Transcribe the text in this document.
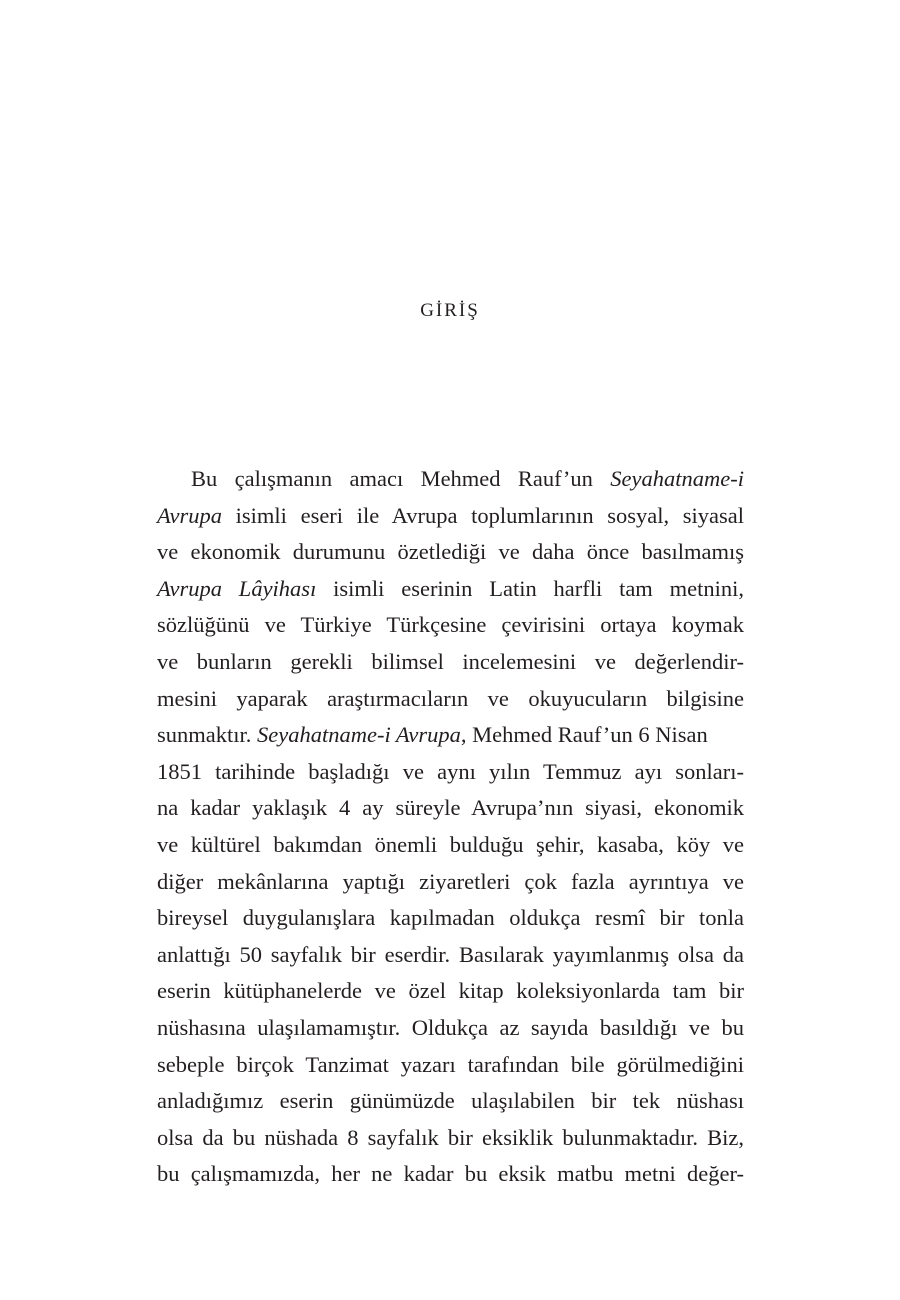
gi̇ri̇ş
Bu çalışmanın amacı Mehmed Rauf’un Seyahatname-i
Avrupa isimli eseri ile Avrupa toplumlarının sosyal, siyasal
ve ekonomik durumunu özetlediği ve daha önce basılmamış
Avrupa Lâyihası isimli eserinin Latin harfli tam metnini,
sözlüğünü ve Türkiye Türkçesine çevirisini ortaya koymak
ve bunların gerekli bilimsel incelemesini ve değerlendir-
mesini yaparak araştırmacıların ve okuyucuların bilgisine
sunmaktır. Seyahatname-i Avrupa, Mehmed Rauf’un 6 Nisan
1851 tarihinde başladığı ve aynı yılın Temmuz ayı sonları-
na kadar yaklaşık 4 ay süreyle Avrupa’nın siyasi, ekonomik
ve kültürel bakımdan önemli bulduğu şehir, kasaba, köy ve
diğer mekânlarına yaptığı ziyaretleri çok fazla ayrıntıya ve
bireysel duygulanışlara kapılmadan oldukça resmî bir tonla
anlattığı 50 sayfalık bir eserdir. Basılarak yayımlanmış olsa da
eserin kütüphanelerde ve özel kitap koleksiyonlarda tam bir
nüshasına ulaşılamamıştır. Oldukça az sayıda basıldığı ve bu
sebeple birçok Tanzimat yazarı tarafından bile görülmediğini
anladığımız eserin günümüzde ulaşılabilen bir tek nüshası
olsa da bu nüshada 8 sayfalık bir eksiklik bulunmaktadır. Biz,
bu çalışmamızda, her ne kadar bu eksik matbu metni değer-
